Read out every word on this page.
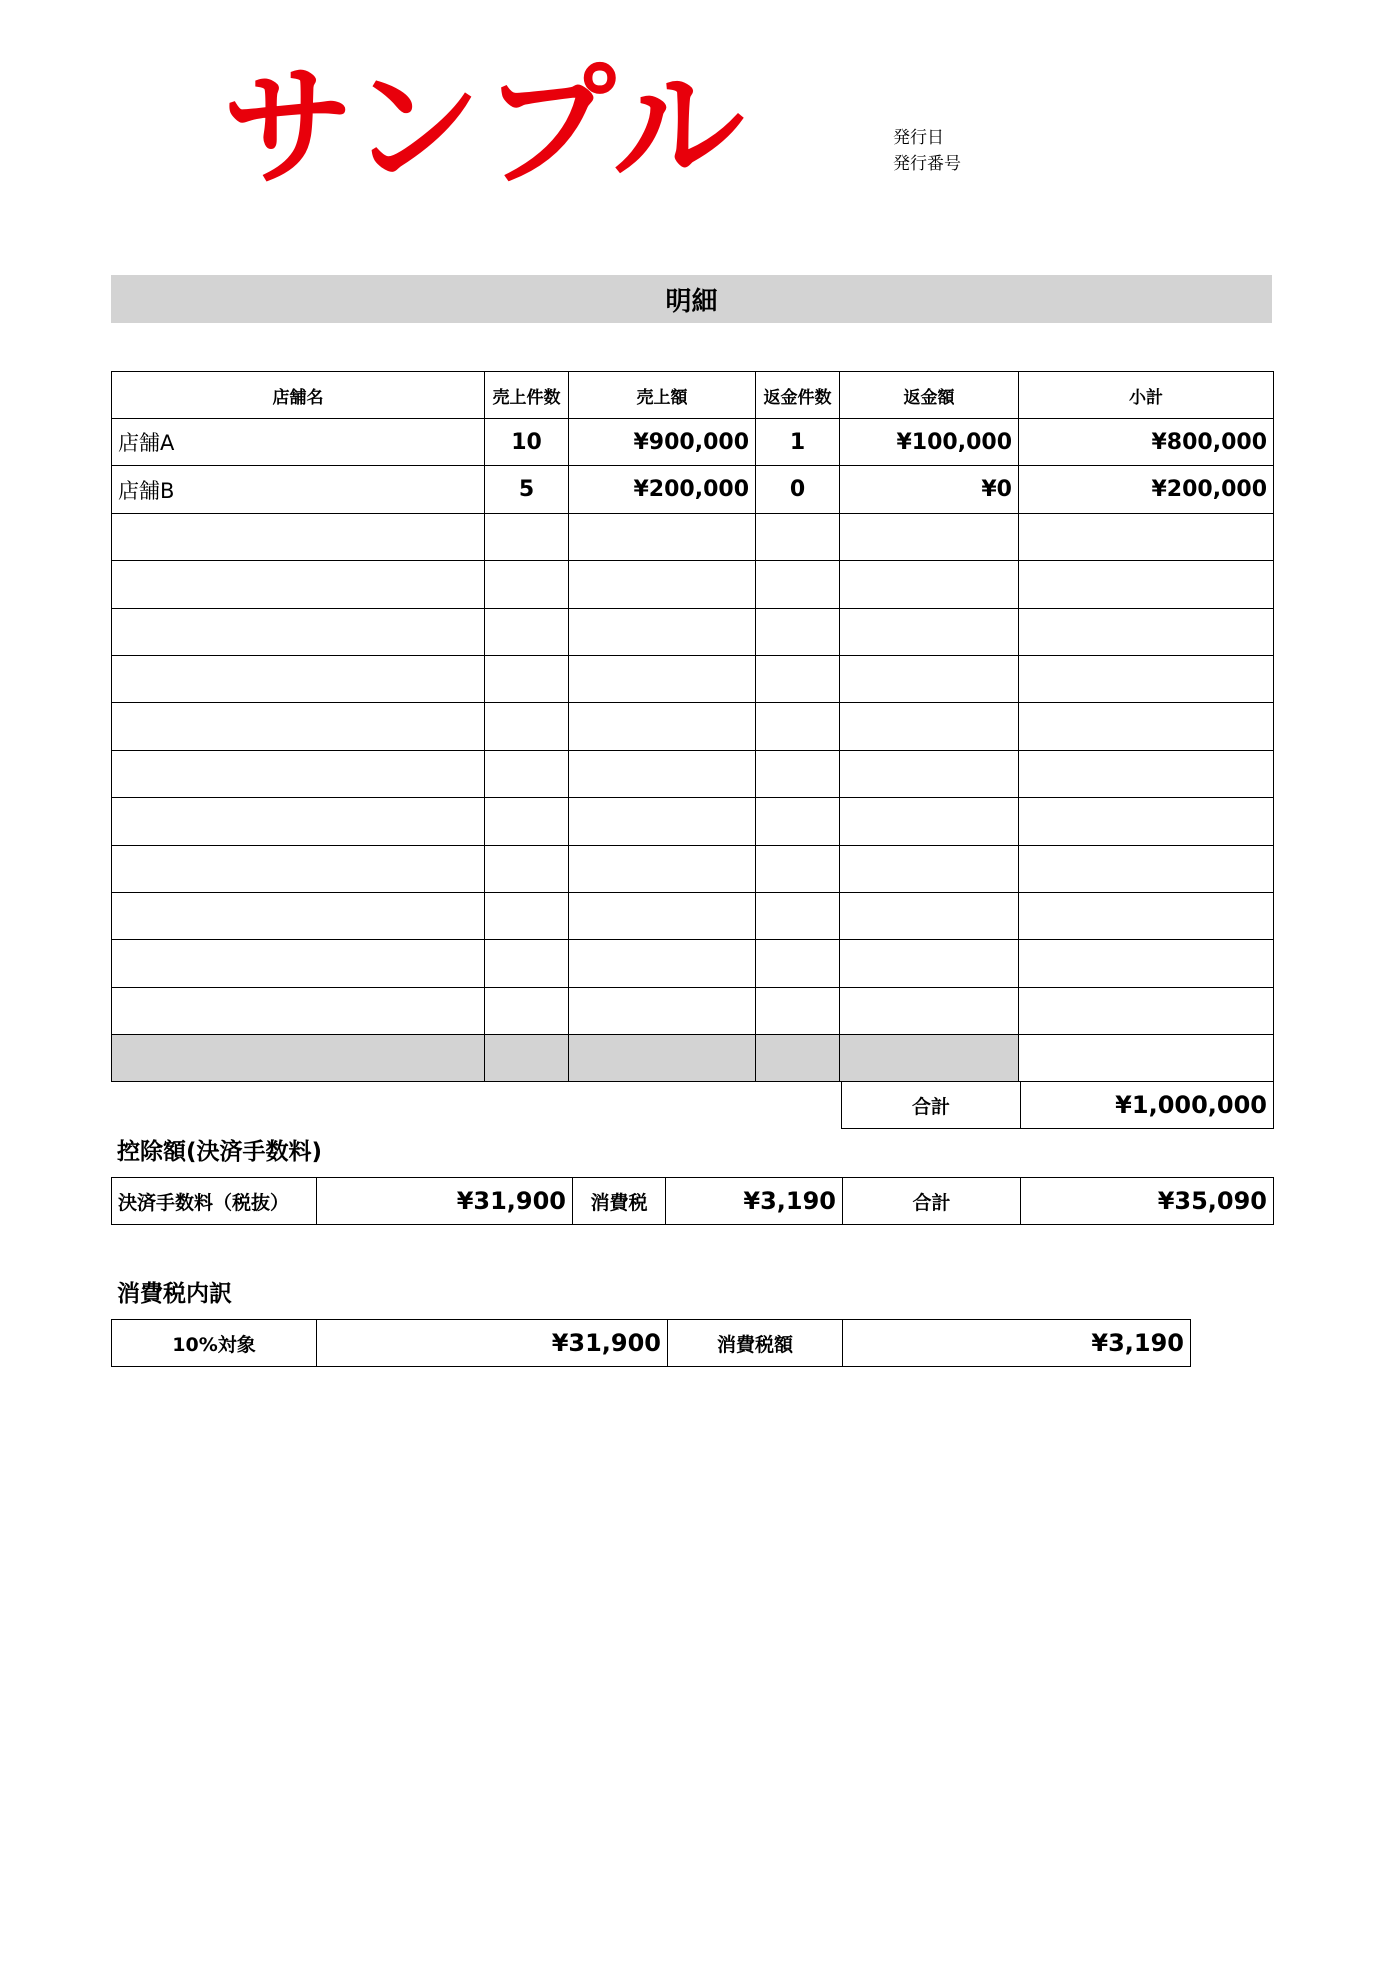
サンプル	発行日
発行番号
明細
店舗名	売上件数	売上額	返金件数	返金額	小計
店舗A	10	¥900,000	1	¥100,000	¥800,000
店舗B	5	¥200,000	0	¥0	¥200,000

合計	¥1,000,000
控除額(決済手数料)
決済手数料（税抜）	¥31,900	消費税	¥3,190	合計	¥35,090
消費税内訳
10%対象	¥31,900	消費税額	¥3,190
